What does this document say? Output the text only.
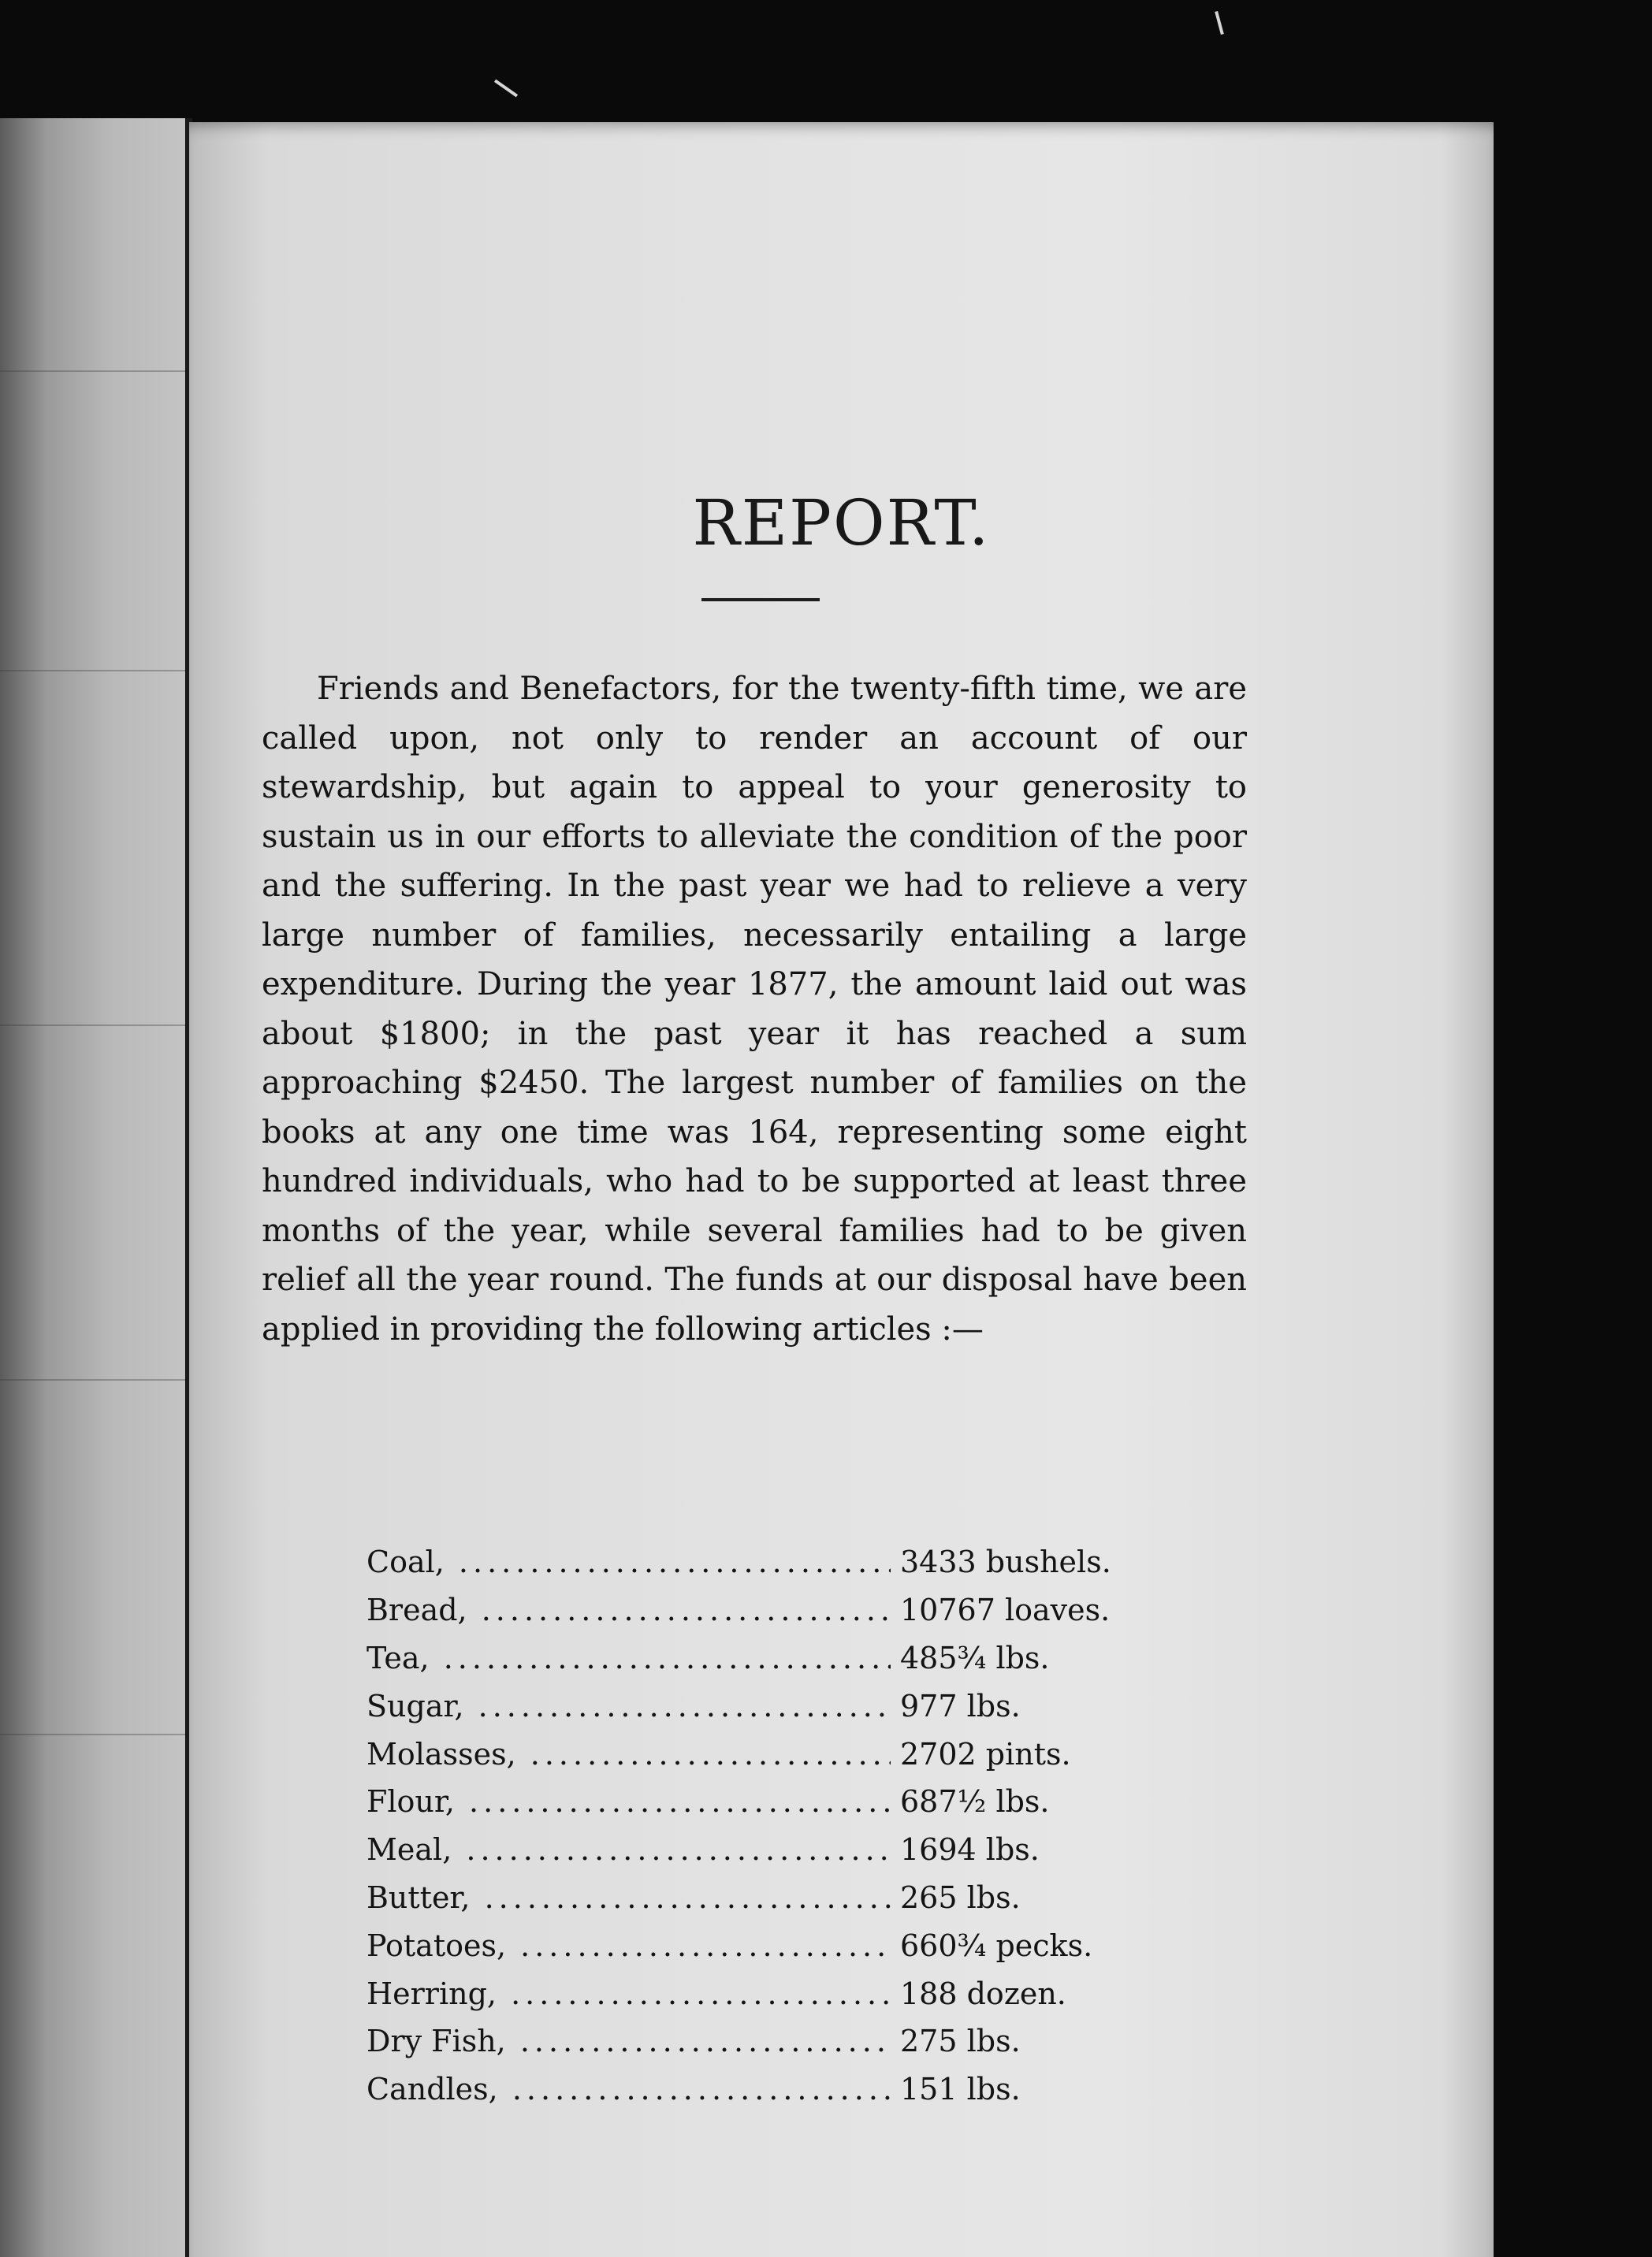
REPORT.

Friends and Benefactors, for the twenty-fifth time, we are called upon, not only to render an account of our stewardship, but again to appeal to your generosity to sustain us in our efforts to alleviate the condition of the poor and the suffering. In the past year we had to relieve a very large number of families, necessarily entailing a large expenditure. During the year 1877, the amount laid out was about $1800; in the past year it has reached a sum approaching $2450. The largest number of families on the books at any one time was 164, representing some eight hundred individuals, who had to be supported at least three months of the year, while several families had to be given relief all the year round. The funds at our disposal have been applied in providing the following articles :—

Coal, .....	3433 bushels.
Bread, .....	10767 loaves.
Tea, .....	485¾ lbs.
Sugar, .....	977 lbs.
Molasses, .....	2702 pints.
Flour, .....	687½ lbs.
Meal, .....	1694 lbs.
Butter, .....	265 lbs.
Potatoes, .....	660¾ pecks.
Herring, .....	188 dozen.
Dry Fish, .....	275 lbs.
Candles, .....	151 lbs.
